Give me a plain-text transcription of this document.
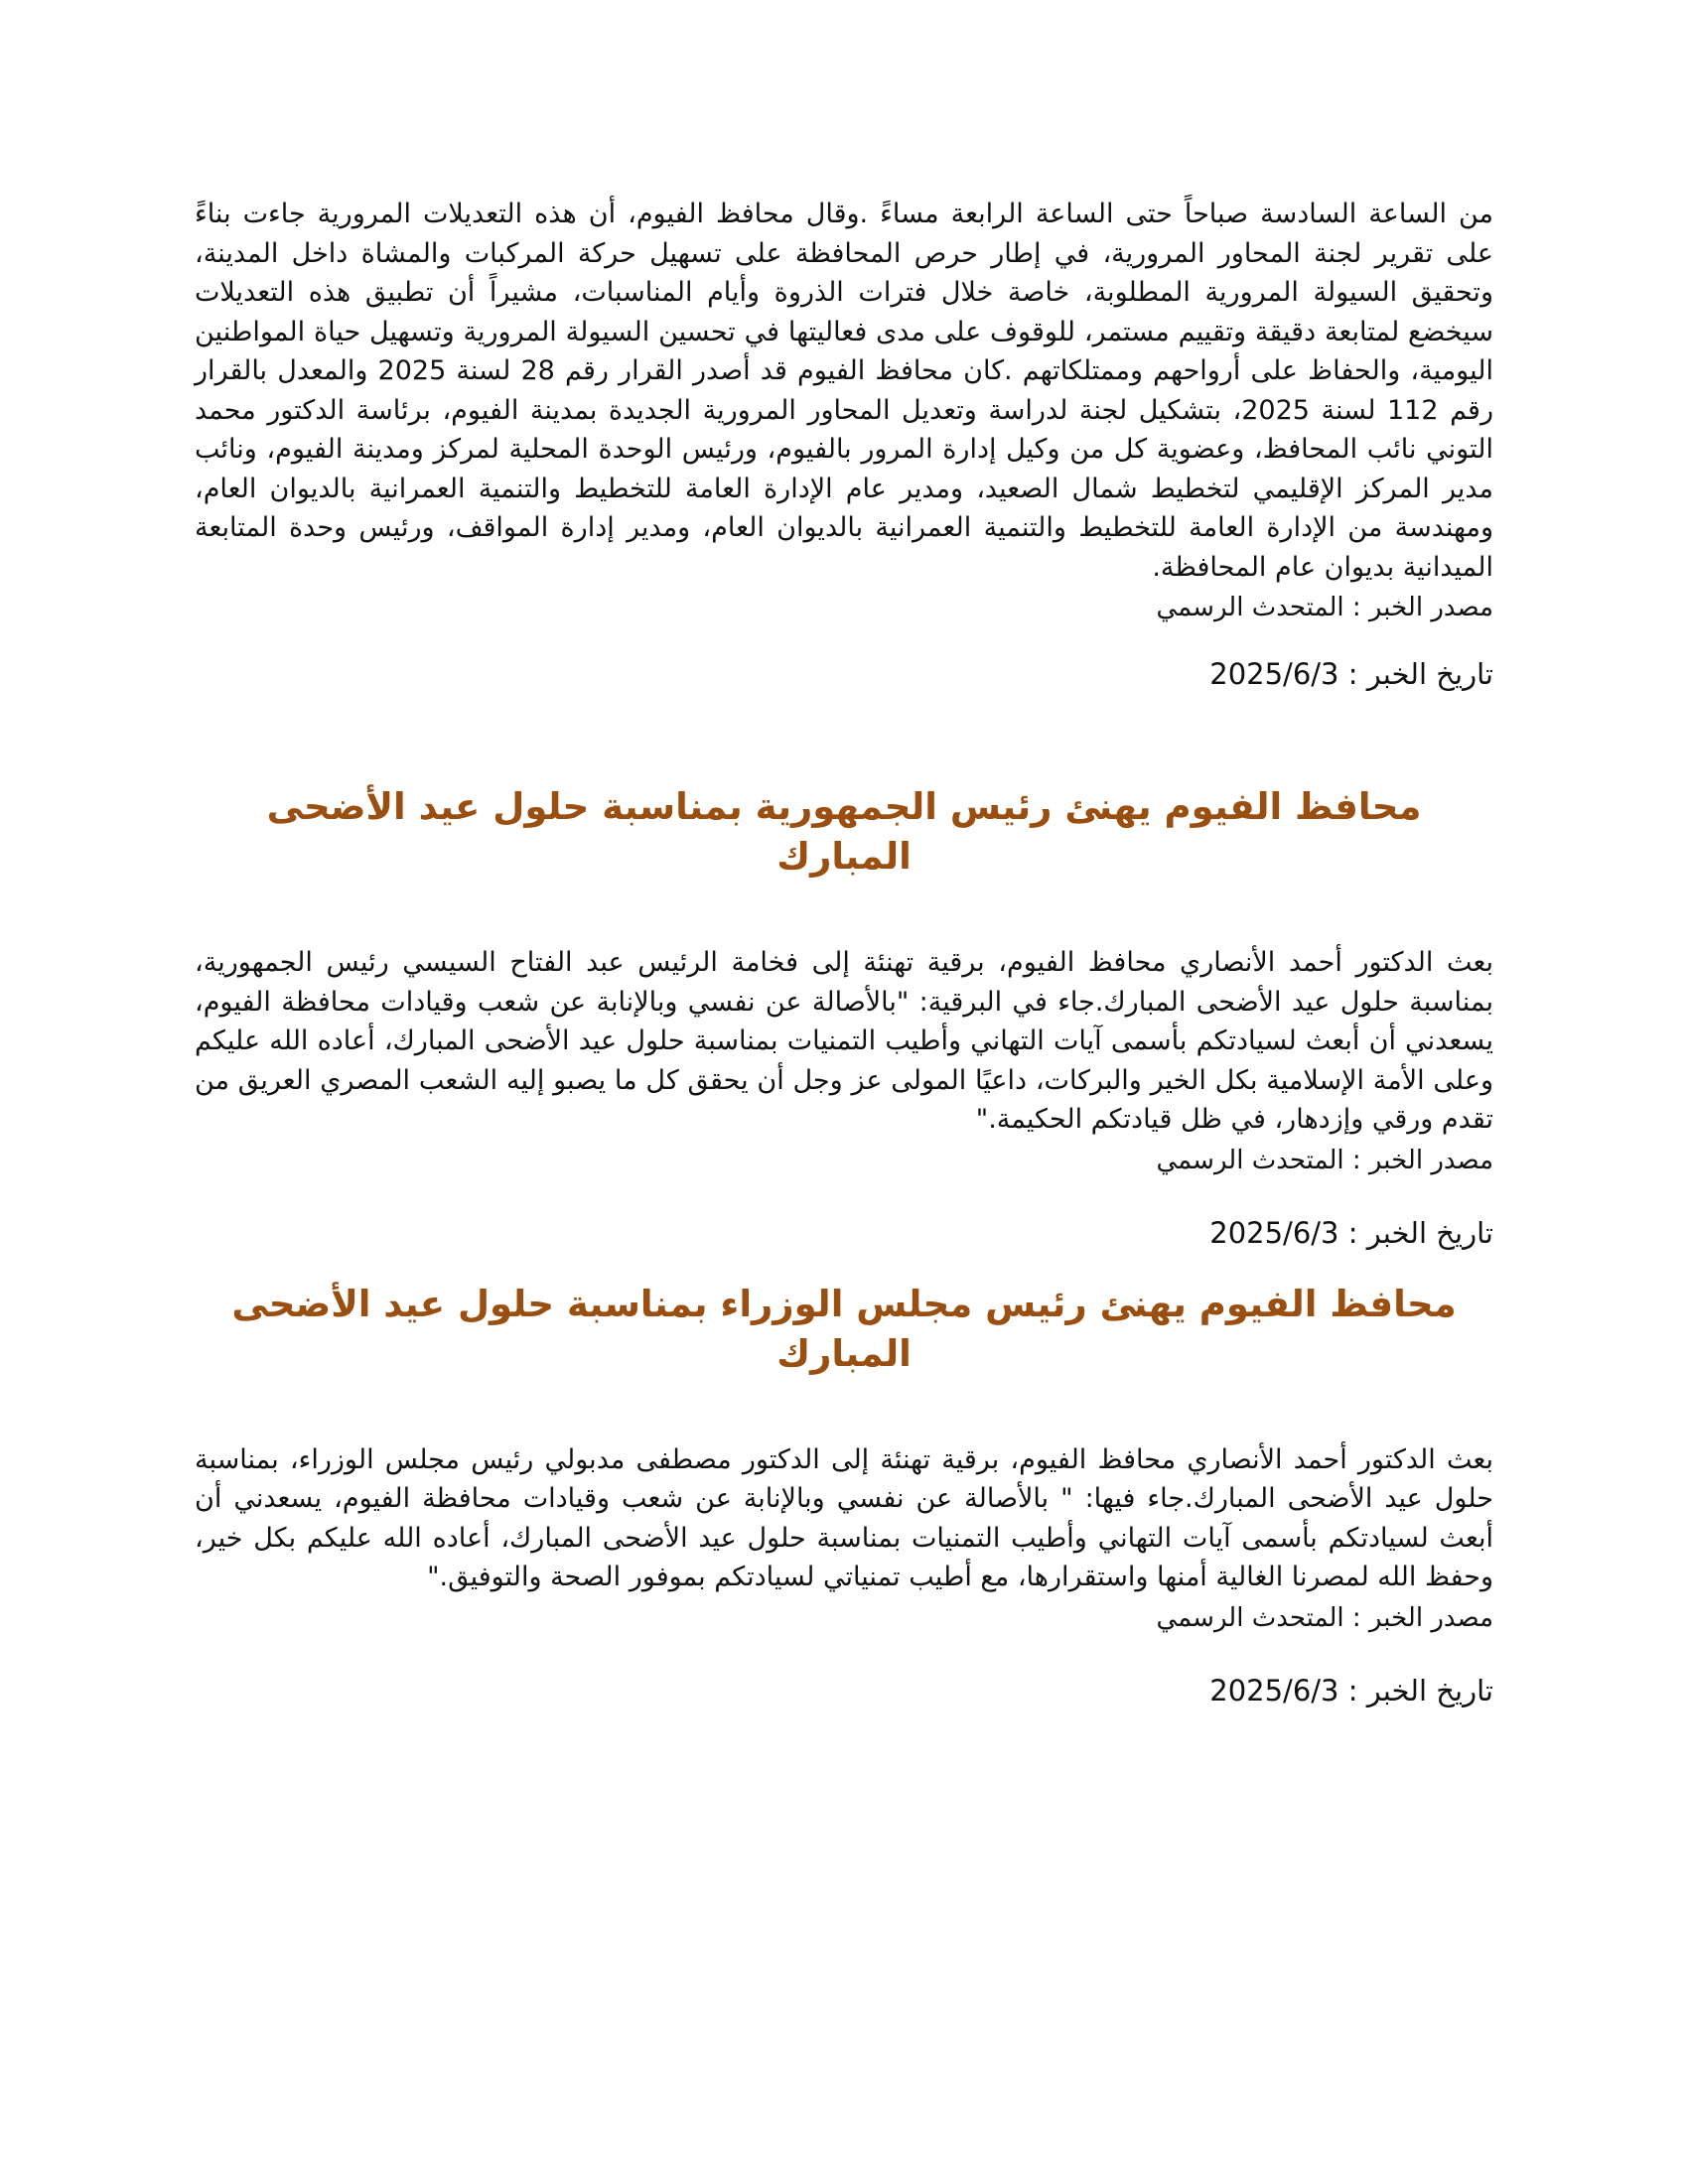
من الساعة السادسة صباحاً حتى الساعة الرابعة مساءً .وقال محافظ الفيوم، أن هذه التعديلات المرورية جاءت بناءً على تقرير لجنة المحاور المرورية، في إطار حرص المحافظة على تسهيل حركة المركبات والمشاة داخل المدينة، وتحقيق السيولة المرورية المطلوبة، خاصة خلال فترات الذروة وأيام المناسبات، مشيراً أن تطبيق هذه التعديلات سيخضع لمتابعة دقيقة وتقييم مستمر، للوقوف على مدى فعاليتها في تحسين السيولة المرورية وتسهيل حياة المواطنين اليومية، والحفاظ على أرواحهم وممتلكاتهم .كان محافظ الفيوم قد أصدر القرار رقم 28 لسنة 2025 والمعدل بالقرار رقم 112 لسنة 2025، بتشكيل لجنة لدراسة وتعديل المحاور المرورية الجديدة بمدينة الفيوم، برئاسة الدكتور محمد التوني نائب المحافظ، وعضوية كل من وكيل إدارة المرور بالفيوم، ورئيس الوحدة المحلية لمركز ومدينة الفيوم، ونائب مدير المركز الإقليمي لتخطيط شمال الصعيد، ومدير عام الإدارة العامة للتخطيط والتنمية العمرانية بالديوان العام، ومهندسة من الإدارة العامة للتخطيط والتنمية العمرانية بالديوان العام، ومدير إدارة المواقف، ورئيس وحدة المتابعة الميدانية بديوان عام المحافظة.

مصدر الخبر : المتحدث الرسمي

تاريخ الخبر : 2025/6/3

محافظ الفيوم يهنئ رئيس الجمهورية بمناسبة حلول عيد الأضحى المبارك

بعث الدكتور أحمد الأنصاري محافظ الفيوم، برقية تهنئة إلى فخامة الرئيس عبد الفتاح السيسي رئيس الجمهورية، بمناسبة حلول عيد الأضحى المبارك.جاء في البرقية: "بالأصالة عن نفسي وبالإنابة عن شعب وقيادات محافظة الفيوم، يسعدني أن أبعث لسيادتكم بأسمى آيات التهاني وأطيب التمنيات بمناسبة حلول عيد الأضحى المبارك، أعاده الله عليكم وعلى الأمة الإسلامية بكل الخير والبركات، داعيًا المولى عز وجل أن يحقق كل ما يصبو إليه الشعب المصري العريق من تقدم ورقي وإزدهار، في ظل قيادتكم الحكيمة."

مصدر الخبر : المتحدث الرسمي

تاريخ الخبر : 2025/6/3

محافظ الفيوم يهنئ رئيس مجلس الوزراء بمناسبة حلول عيد الأضحى المبارك

بعث الدكتور أحمد الأنصاري محافظ الفيوم، برقية تهنئة إلى الدكتور مصطفى مدبولي رئيس مجلس الوزراء، بمناسبة حلول عيد الأضحى المبارك.جاء فيها: " بالأصالة عن نفسي وبالإنابة عن شعب وقيادات محافظة الفيوم، يسعدني أن أبعث لسيادتكم بأسمى آيات التهاني وأطيب التمنيات بمناسبة حلول عيد الأضحى المبارك، أعاده الله عليكم بكل خير، وحفظ الله لمصرنا الغالية أمنها واستقرارها، مع أطيب تمنياتي لسيادتكم بموفور الصحة والتوفيق."

مصدر الخبر : المتحدث الرسمي

تاريخ الخبر : 2025/6/3
